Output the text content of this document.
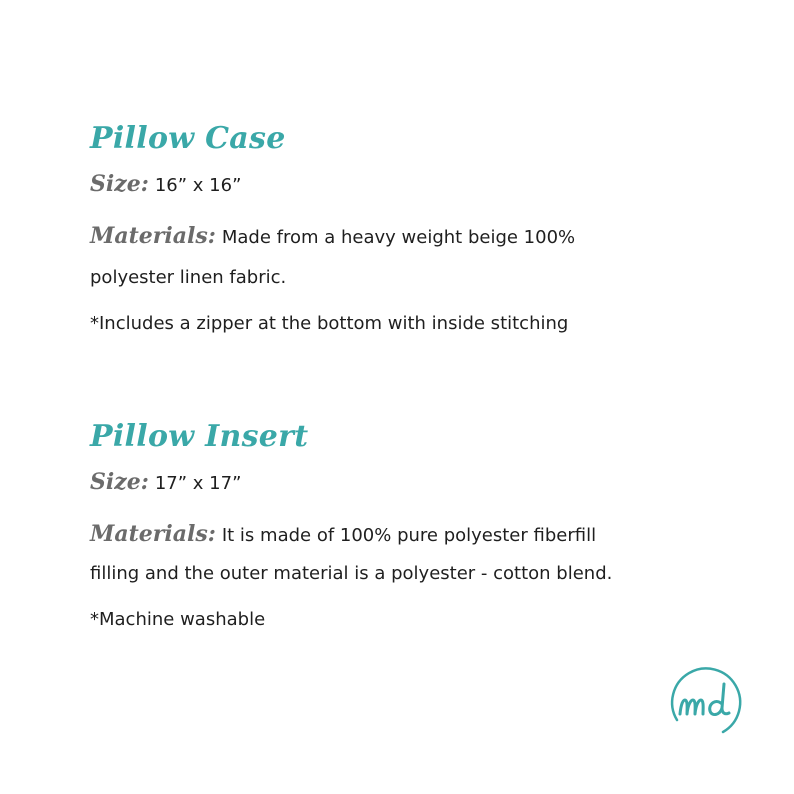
Pillow Case

Size: 16” x 16”

Materials: Made from a heavy weight beige 100%

polyester linen fabric.

*Includes a zipper at the bottom with inside stitching

Pillow Insert

Size: 17” x 17”

Materials: It is made of 100% pure polyester fiberfill

filling and the outer material is a polyester - cotton blend.

*Machine washable
